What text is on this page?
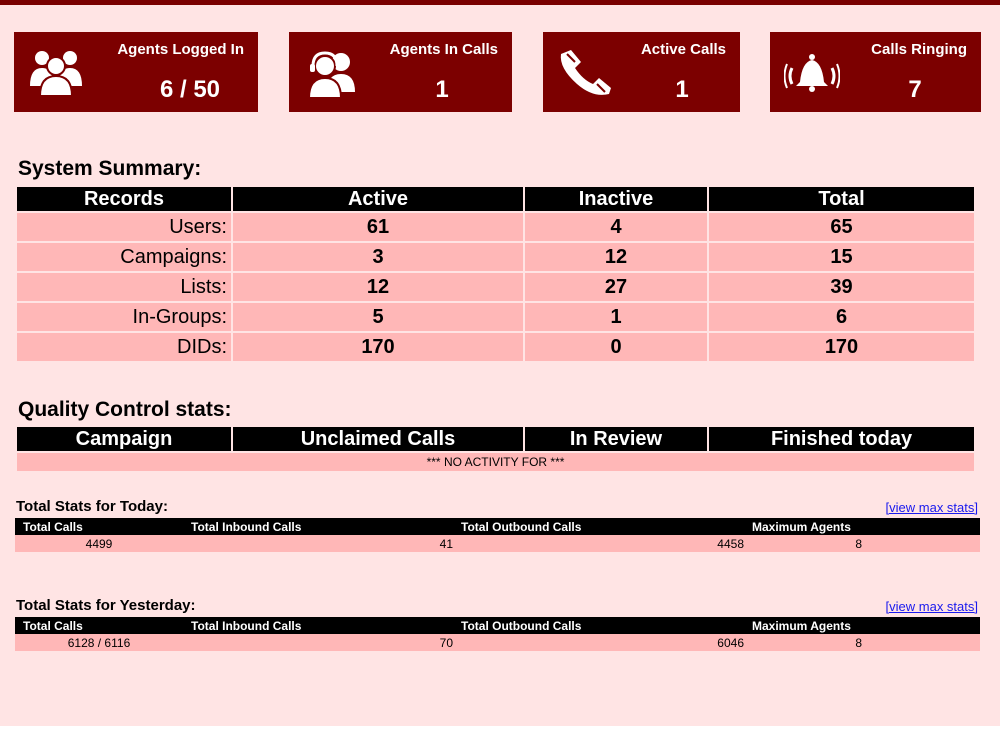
Agents Logged In
6 / 50
Agents In Calls
1
Active Calls
1
Calls Ringing
7
System Summary:
Records	Active	Inactive	Total
Users:	61	4	65
Campaigns:	3	12	15
Lists:	12	27	39
In-Groups:	5	1	6
DIDs:	170	0	170
Quality Control stats:
Campaign	Unclaimed Calls	In Review	Finished today
*** NO ACTIVITY FOR ***
Total Stats for Today:	[view max stats]
Total Calls	Total Inbound Calls	Total Outbound Calls	Maximum Agents
4499	41	4458	8
Total Stats for Yesterday:	[view max stats]
Total Calls	Total Inbound Calls	Total Outbound Calls	Maximum Agents
6128 / 6116	70	6046	8
